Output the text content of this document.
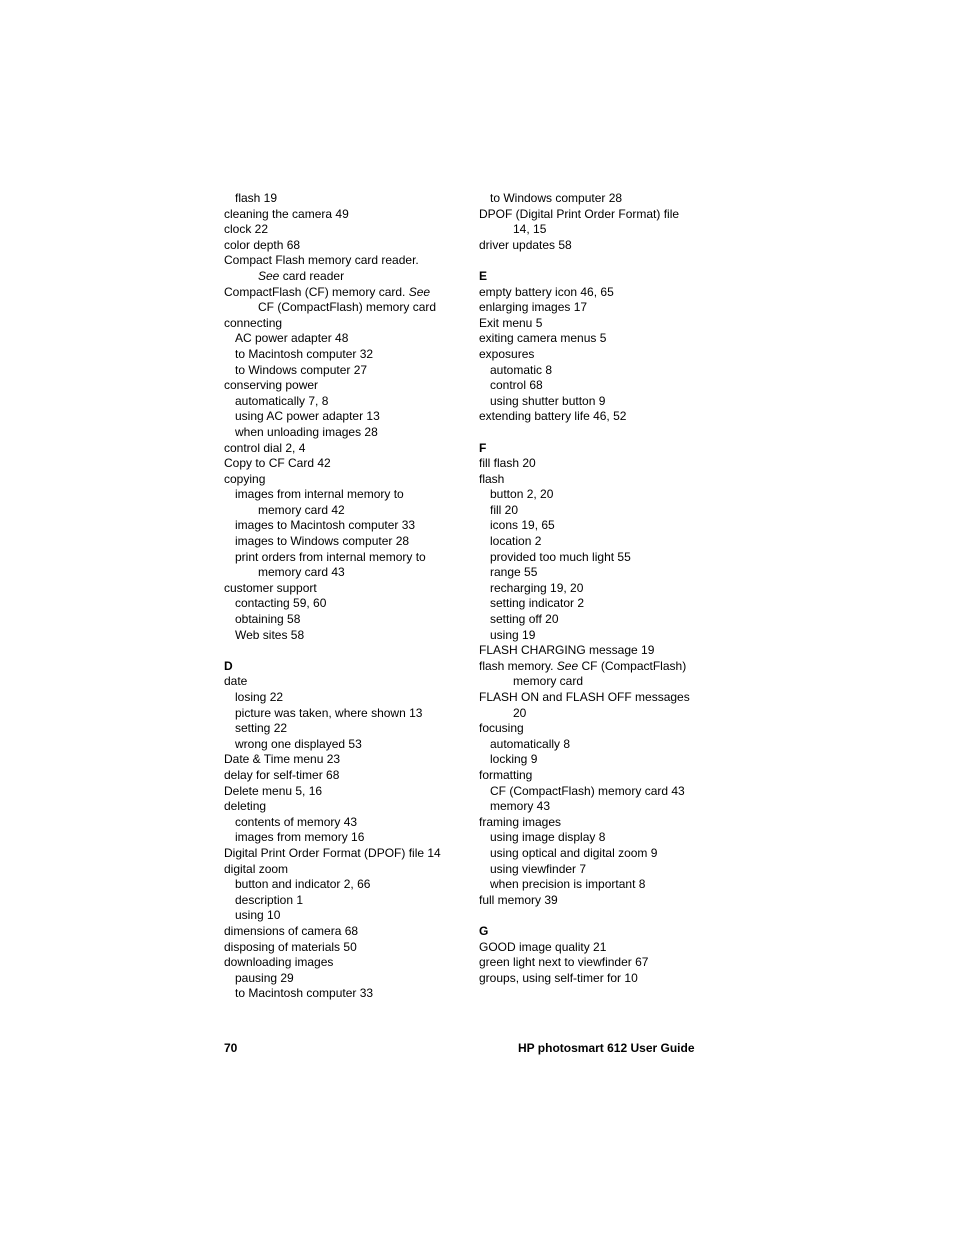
flash 19
cleaning the camera 49
clock 22
color depth 68
Compact Flash memory card reader.
See card reader
CompactFlash (CF) memory card. See
CF (CompactFlash) memory card
connecting
AC power adapter 48
to Macintosh computer 32
to Windows computer 27
conserving power
automatically 7, 8
using AC power adapter 13
when unloading images 28
control dial 2, 4
Copy to CF Card 42
copying
images from internal memory to
memory card 42
images to Macintosh computer 33
images to Windows computer 28
print orders from internal memory to
memory card 43
customer support
contacting 59, 60
obtaining 58
Web sites 58
D
date
losing 22
picture was taken, where shown 13
setting 22
wrong one displayed 53
Date & Time menu 23
delay for self-timer 68
Delete menu 5, 16
deleting
contents of memory 43
images from memory 16
Digital Print Order Format (DPOF) file 14
digital zoom
button and indicator 2, 66
description 1
using 10
dimensions of camera 68
disposing of materials 50
downloading images
pausing 29
to Macintosh computer 33
to Windows computer 28
DPOF (Digital Print Order Format) file
14, 15
driver updates 58
E
empty battery icon 46, 65
enlarging images 17
Exit menu 5
exiting camera menus 5
exposures
automatic 8
control 68
using shutter button 9
extending battery life 46, 52
F
fill flash 20
flash
button 2, 20
fill 20
icons 19, 65
location 2
provided too much light 55
range 55
recharging 19, 20
setting indicator 2
setting off 20
using 19
FLASH CHARGING message 19
flash memory. See CF (CompactFlash)
memory card
FLASH ON and FLASH OFF messages
20
focusing
automatically 8
locking 9
formatting
CF (CompactFlash) memory card 43
memory 43
framing images
using image display 8
using optical and digital zoom 9
using viewfinder 7
when precision is important 8
full memory 39
G
GOOD image quality 21
green light next to viewfinder 67
groups, using self-timer for 10
70	HP photosmart 612 User Guide
